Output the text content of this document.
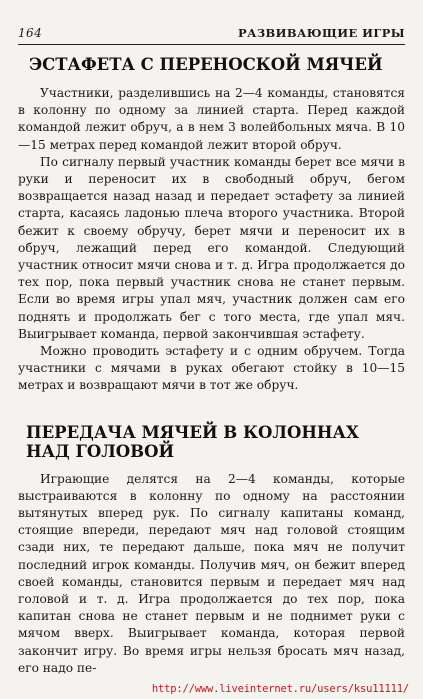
164	РАЗВИВАЮЩИЕ ИГРЫ
ЭСТАФЕТА С ПЕРЕНОСКОЙ МЯЧЕЙ

Участники, разделившись на 2—4 команды, становятся в колонну по одному за линией старта. Перед каждой командой лежит обруч, а в нем 3 волейбольных мяча. В 10—15 метрах перед командой лежит второй обруч.

По сигналу первый участник команды берет все мячи в руки и переносит их в свободный обруч, бегом возвращается назад назад и передает эстафету за линией старта, касаясь ладонью плеча второго участника. Второй бежит к своему обручу, берет мячи и переносит их в обруч, лежащий перед его командой. Следующий участник относит мячи снова и т. д. Игра продолжается до тех пор, пока первый участник снова не станет первым. Если во время игры упал мяч, участник должен сам его поднять и продолжать бег с того места, где упал мяч. Выигрывает команда, первой закончившая эстафету.

Можно проводить эстафету и с одним обручем. Тогда участники с мячами в руках обегают стойку в 10—15 метрах и возвращают мячи в тот же обруч.

ПЕРЕДАЧА МЯЧЕЙ В КОЛОННАХ
НАД ГОЛОВОЙ

Играющие делятся на 2—4 команды, которые выстраиваются в колонну по одному на расстоянии вытянутых вперед рук. По сигналу капитаны команд, стоящие впереди, передают мяч над головой стоящим сзади них, те передают дальше, пока мяч не получит последний игрок команды. Получив мяч, он бежит вперед своей команды, становится первым и передает мяч над головой и т. д. Игра продолжается до тех пор, пока капитан снова не станет первым и не поднимет руки с мячом вверх. Выигрывает команда, которая первой закончит игру. Во время игры нельзя бросать мяч назад, его надо пе-

http://www.liveinternet.ru/users/ksu11111/
